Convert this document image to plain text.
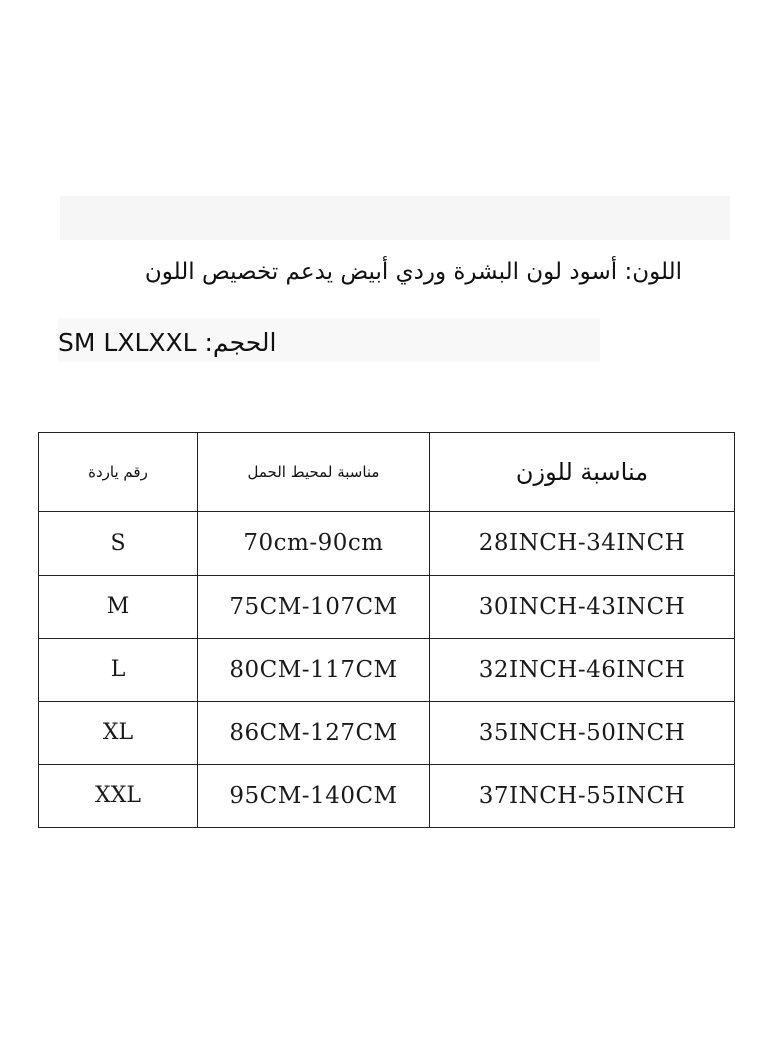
اللون: أسود لون البشرة وردي أبيض يدعم تخصيص اللون
الحجم: SM LXLXXL
رقم ياردة	مناسبة لمحيط الحمل	مناسبة للوزن
S	70cm-90cm	28INCH-34INCH
M	75CM-107CM	30INCH-43INCH
L	80CM-117CM	32INCH-46INCH
XL	86CM-127CM	35INCH-50INCH
XXL	95CM-140CM	37INCH-55INCH
